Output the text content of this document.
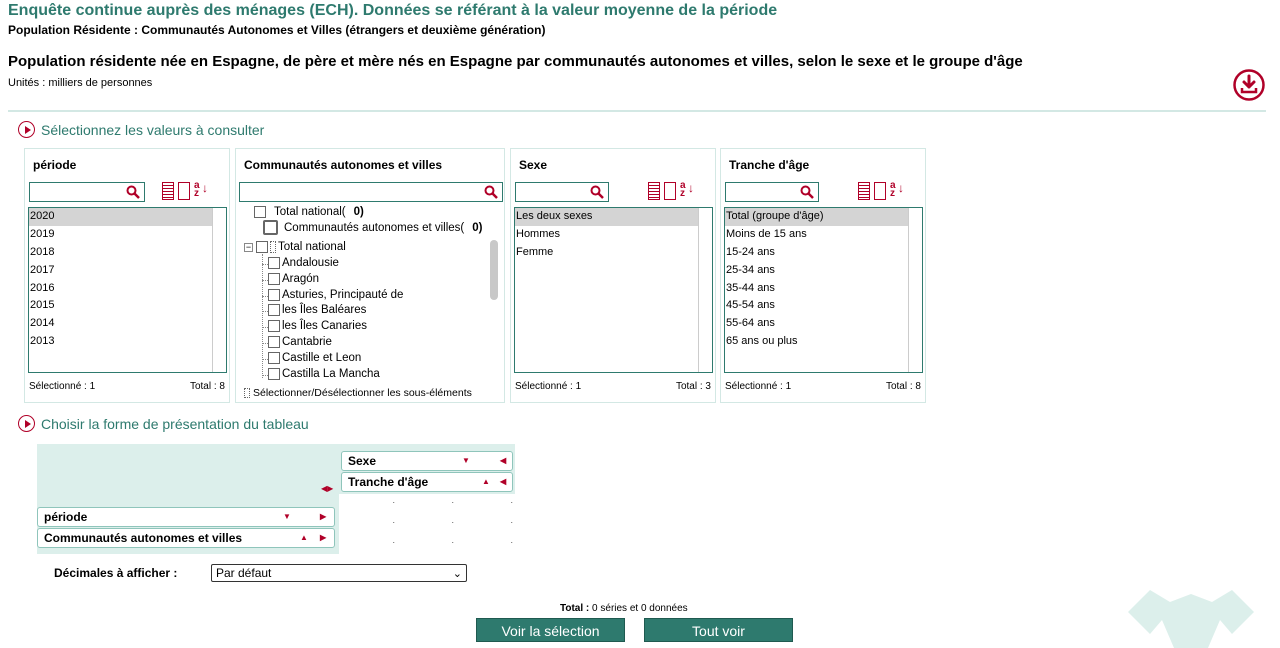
Enquête continue auprès des ménages (ECH). Données se référant à la valeur moyenne de la période
Population Résidente : Communautés Autonomes et Villes (étrangers et deuxième génération)
Population résidente née en Espagne, de père et mère nés en Espagne par communautés autonomes et villes, selon le sexe et le groupe d'âge
Unités : milliers de personnes
Sélectionnez les valeurs à consulter
période
a
z ↓
2020
2019
2018
2017
2016
2015
2014
2013
Sélectionné : 1	Total : 8
Communautés autonomes et villes
Sélectionner/Désélectionner les sous-éléments
Total national( 0)
Communautés autonomes et villes( 0)
− Total national
Andalousie
Aragón
Asturies, Principauté de
les Îles Baléares
les Îles Canaries
Cantabrie
Castille et Leon
Castilla La Mancha
Sexe
a
z ↓
Les deux sexes
Hommes
Femme
Sélectionné : 1	Total : 3
Tranche d'âge
a
z ↓
Total (groupe d'âge)
Moins de 15 ans
15-24 ans
25-34 ans
35-44 ans
45-54 ans
55-64 ans
65 ans ou plus
Sélectionné : 1	Total : 8
Choisir la forme de présentation du tableau
Sexe	▼	◀
Tranche d'âge	▲ ◀
◀▶
période	▼	▶
Communautés autonomes et villes	▲ ▶
.	.	.
.	.	.
.	.	.
Décimales à afficher :	Par défaut	⌄
Total : 0 séries et 0 données
Voir la sélection	Tout voir
